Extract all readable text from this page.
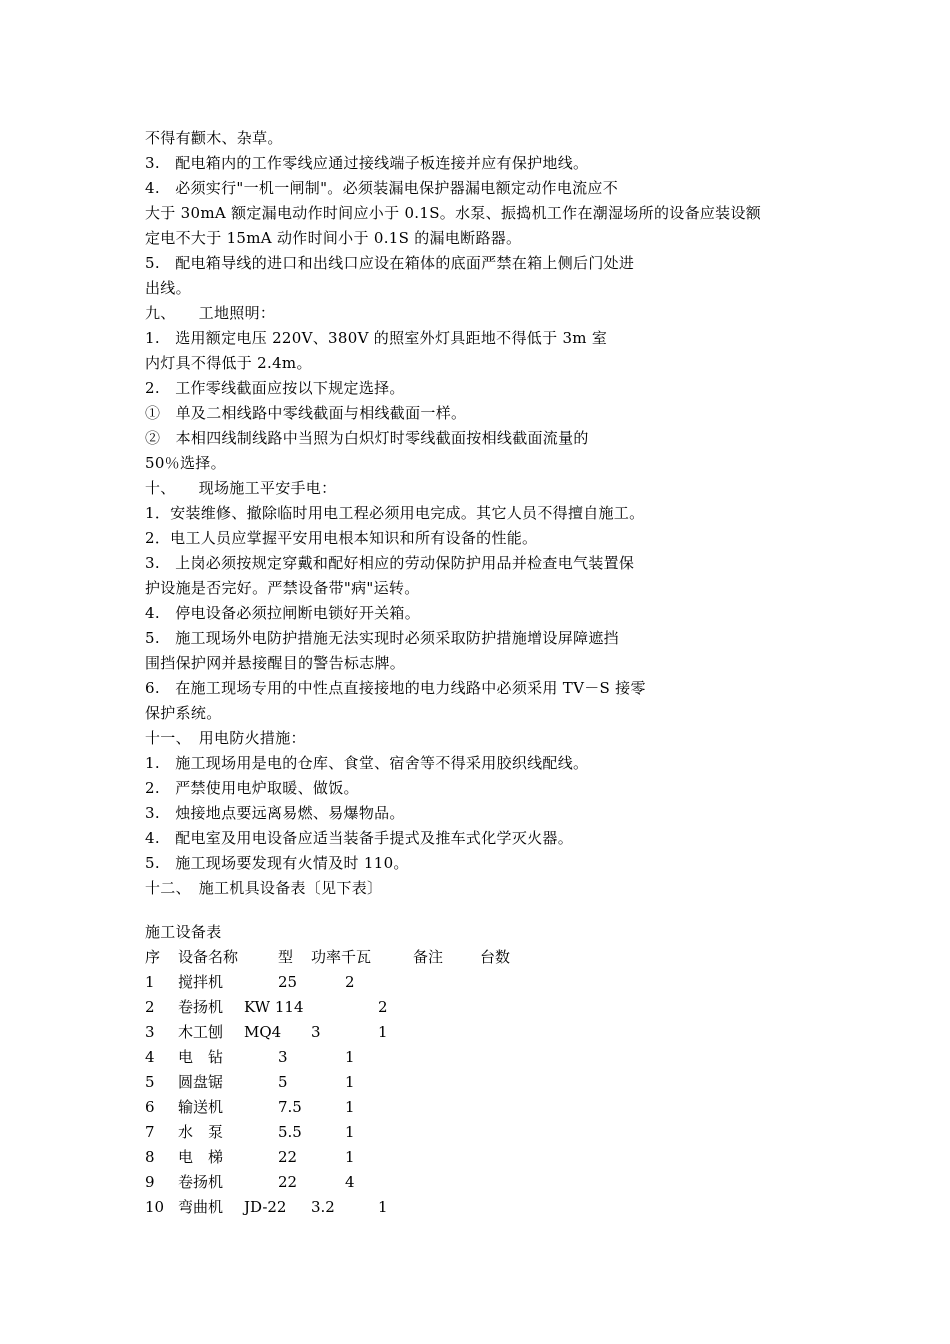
不得有颧木、杂草。
3.　配电箱内的工作零线应通过接线端子板连接并应有保护地线。
4.　必须实行"一机一闸制"。必须装漏电保护器漏电额定动作电流应不
大于 30mA 额定漏电动作时间应小于 0.1S。水泵、振捣机工作在潮湿场所的设备应装设额
定电不大于 15mA 动作时间小于 0.1S 的漏电断路器。
5.　配电箱导线的进口和出线口应设在箱体的底面严禁在箱上侧后门处进
出线。
九、　　工地照明：
1.　选用额定电压 220V、380V 的照室外灯具距地不得低于 3m 室
内灯具不得低于 2.4m。
2.　工作零线截面应按以下规定选择。
①　单及二相线路中零线截面与相线截面一样。
②　本相四线制线路中当照为白炽灯时零线截面按相线截面流量的
50％选择。
十、　　现场施工平安手电：
1．安装维修、撤除临时用电工程必须用电完成。其它人员不得擅自施工。
2．电工人员应掌握平安用电根本知识和所有设备的性能。
3.　上岗必须按规定穿戴和配好相应的劳动保防护用品并检查电气装置保
护设施是否完好。严禁设备带"病"运转。
4.　停电设备必须拉闸断电锁好开关箱。
5.　施工现场外电防护措施无法实现时必须采取防护措施增设屏障遮挡
围挡保护网并悬接醒目的警告标志牌。
6.　在施工现场专用的中性点直接接地的电力线路中必须采用 TV－S 接零
保护系统。
十一、　用电防火措施：
1.　施工现场用是电的仓库、食堂、宿舍等不得采用胶织线配线。
2.　严禁使用电炉取暖、做饭。
3.　烛接地点要远离易燃、易爆物品。
4.　配电室及用电设备应适当装备手提式及推车式化学灭火器。
5.　施工现场要发现有火情及时 110。
十二、　施工机具设备表〔见下表〕
施工设备表
序 设备名称	型 功率千瓦	备注 台数
1 搅拌机	25	2
2 卷扬机 KW 114	2
3 木工刨 MQ4 3	1
4 电　钻	3	1
5 圆盘锯	5	1
6 输送机	7.5	1
7 水　泵	5.5	1
8 电　梯	22	1
9 卷扬机	22	4
10 弯曲机 JD-22 3.2	1
